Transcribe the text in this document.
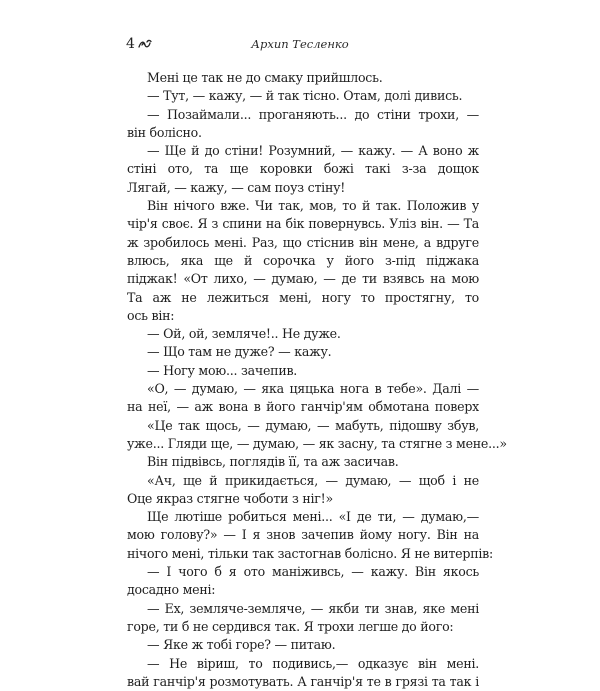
4	Архип Тесленко
Мені це так не до смаку прийшлось.
— Тут, — кажу, — й так тісно. Отам, долі дивись.
— Позаймали... проганяють... до стіни трохи, —
він болісно.
— Ще й до стіни! Розумний, — кажу. — А воно ж
стіні ото, та ще коровки божі такі з-за дощок
Лягай, — кажу, — сам поуз стіну!
Він нічого вже. Чи так, мов, то й так. Положив у
чір'я своє. Я з спини на бік повернувсь. Уліз він. — Та
ж зробилось мені. Раз, що стіснив він мене, а вдруге
влюсь, яка ще й сорочка у його з-під піджака
піджак! «От лихо, — думаю, — де ти взявсь на мою
Та аж не лежиться мені, ногу то простягну, то
ось він:
— Ой, ой, земляче!.. Не дуже.
— Що там не дуже? — кажу.
— Ногу мою... зачепив.
«О, — думаю, — яка цяцька нога в тебе». Далі —
на неї, — аж вона в його ганчір'ям обмотана поверх
«Це так щось, — думаю, — мабуть, підошву збув,
уже... Гляди ще, — думаю, — як засну, та стягне з мене...»
Він підвівсь, поглядів її, та аж засичав.
«Ач, ще й прикидається, — думаю, — щоб і не
Оце якраз стягне чоботи з ніг!»
Ще лютіше робиться мені... «І де ти, — думаю,—
мою голову?» — І я знов зачепив йому ногу. Він на
нічого мені, тільки так застогнав болісно. Я не витерпів:
— І чого б я ото маніживсь, — кажу. Він якось
досадно мені:
— Ех, земляче-земляче, — якби ти знав, яке мені
горе, ти б не сердився так. Я трохи легше до його:
— Яке ж тобі горе? — питаю.
— Не віриш, то подивись,— одказує він мені.
вай ганчір'я розмотувать. А ганчір'я те в грязі та так і
